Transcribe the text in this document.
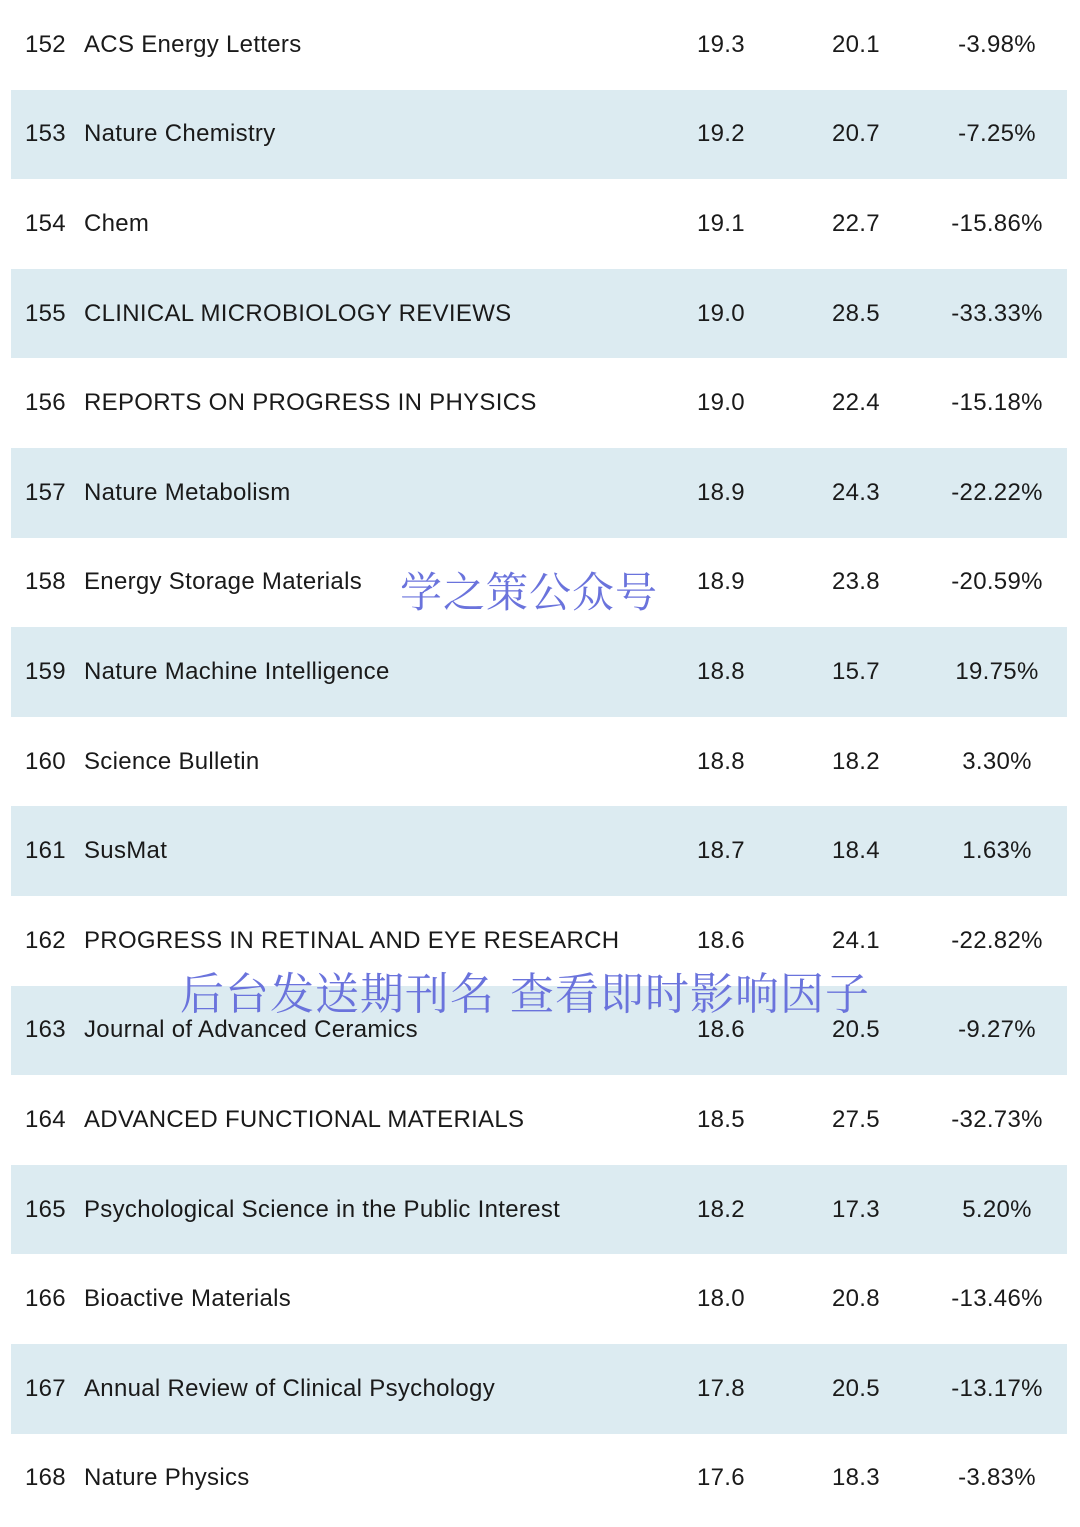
152 ACS Energy Letters	19.3	20.1	-3.98%
153 Nature Chemistry	19.2	20.7	-7.25%
154 Chem	19.1	22.7	-15.86%
155 CLINICAL MICROBIOLOGY REVIEWS	19.0	28.5	-33.33%
156 REPORTS ON PROGRESS IN PHYSICS	19.0	22.4	-15.18%
157 Nature Metabolism	18.9	24.3	-22.22%
158 Energy Storage Materials	18.9	23.8	-20.59%
159 Nature Machine Intelligence	18.8	15.7	19.75%
160 Science Bulletin	18.8	18.2	3.30%
161 SusMat	18.7	18.4	1.63%
162 PROGRESS IN RETINAL AND EYE RESEARCH	18.6	24.1	-22.82%
163 Journal of Advanced Ceramics	18.6	20.5	-9.27%
164 ADVANCED FUNCTIONAL MATERIALS	18.5	27.5	-32.73%
165 Psychological Science in the Public Interest	18.2	17.3	5.20%
166 Bioactive Materials	18.0	20.8	-13.46%
167 Annual Review of Clinical Psychology	17.8	20.5	-13.17%
168 Nature Physics	17.6	18.3	-3.83%
学之策公众号
后台发送期刊名 查看即时影响因子
